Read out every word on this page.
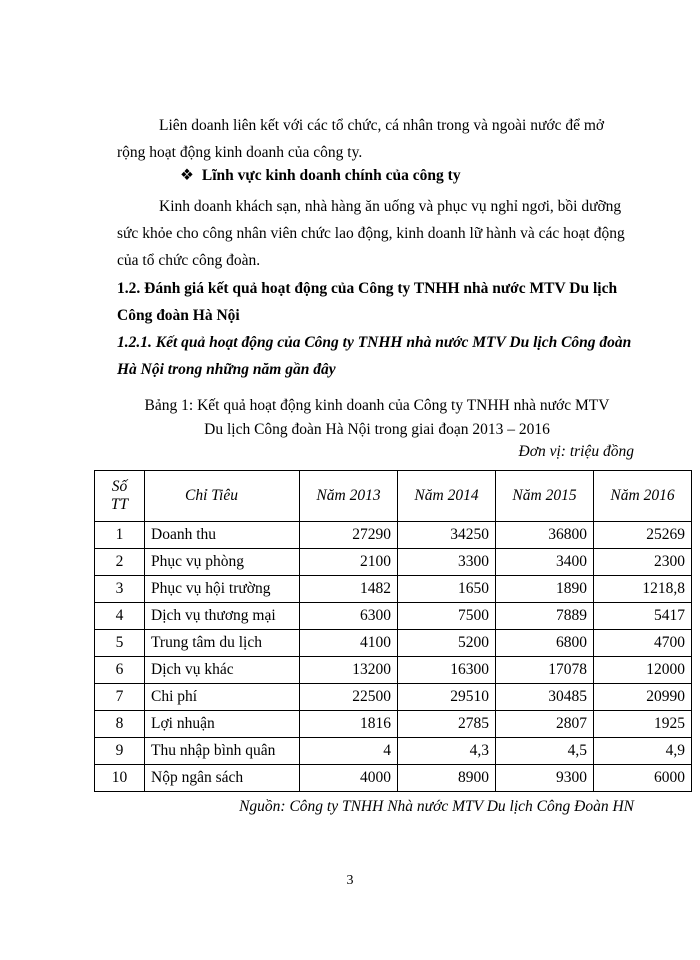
Liên doanh liên kết với các tổ chức, cá nhân trong và ngoài nước để mở rộng hoạt động kinh doanh của công ty.

❖ Lĩnh vực kinh doanh chính của công ty

Kinh doanh khách sạn, nhà hàng ăn uống và phục vụ nghỉ ngơi, bồi dưỡng sức khỏe cho công nhân viên chức lao động, kinh doanh lữ hành và các hoạt động của tổ chức công đoàn.

1.2. Đánh giá kết quả hoạt động của Công ty TNHH nhà nước MTV Du lịch Công đoàn Hà Nội

1.2.1. Kết quả hoạt động của Công ty TNHH nhà nước MTV Du lịch Công đoàn Hà Nội trong những năm gần đây

Bảng 1: Kết quả hoạt động kinh doanh của Công ty TNHH nhà nước MTV
Du lịch Công đoàn Hà Nội trong giai đoạn 2013 – 2016

Đơn vị: triệu đồng
Số
TT	Chỉ Tiêu	Năm 2013	Năm 2014	Năm 2015	Năm 2016
1	Doanh thu	27290	34250	36800	25269
2	Phục vụ phòng	2100	3300	3400	2300
3	Phục vụ hội trường	1482	1650	1890	1218,8
4	Dịch vụ thương mại	6300	7500	7889	5417
5	Trung tâm du lịch	4100	5200	6800	4700
6	Dịch vụ khác	13200	16300	17078	12000
7	Chi phí	22500	29510	30485	20990
8	Lợi nhuận	1816	2785	2807	1925
9	Thu nhập bình quân	4	4,3	4,5	4,9
10	Nộp ngân sách	4000	8900	9300	6000
Nguồn: Công ty TNHH Nhà nước MTV Du lịch Công Đoàn HN
3
